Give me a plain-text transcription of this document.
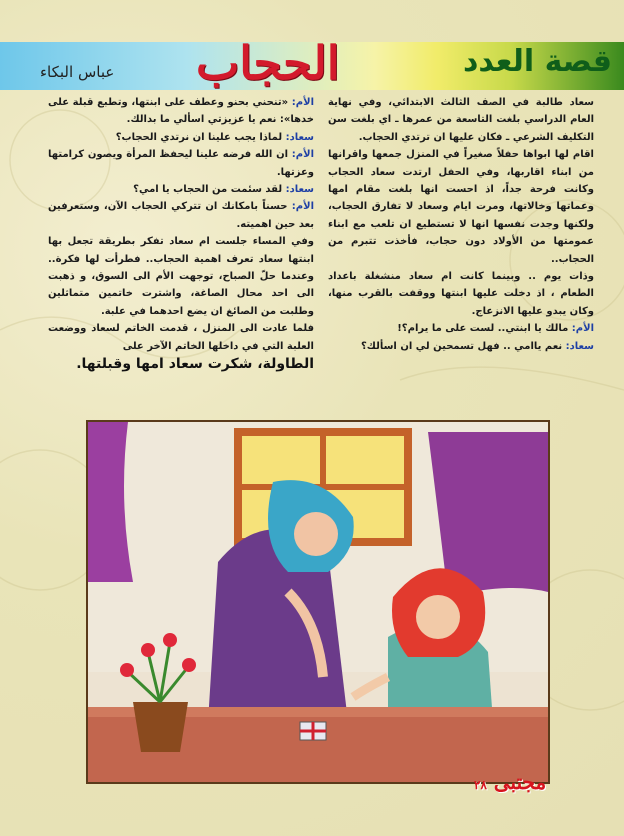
قصة العدد
الحجاب
عباس البكاء

سعاد طالبة في الصف الثالث الابتدائي، وفي نهاية العام الدراسي بلغت التاسعة من عمرها ـ اي بلغت سن التكليف الشرعي ـ فكان عليها ان ترتدي الحجاب.

اقام لها ابواها حفلاً صغيراً في المنزل جمعها واقرانها من ابناء اقاربها، وفي الحفل ارتدت سعاد الحجاب وكانت فرحة جداً، اذ احست انها بلغت مقام امها وعماتها وخالاتها، ومرت ايام وسعاد لا تفارق الحجاب، ولكنها وجدت نفسها انها لا تستطيع ان تلعب مع ابناء عمومتها من الأولاد دون حجاب، فأخذت تتبرم من الحجاب..

وذات يوم .. وبينما كانت ام سعاد منشغلة باعداد الطعام ، اذ دخلت عليها ابنتها ووقفت بالقرب منها، وكان يبدو عليها الانزعاج.

الأم: مالك يا ابنتي.. لست على ما يرام؟!

سعاد: نعم ياامي .. فهل تسمحين لي ان اسألك؟

الأم: «تنحني بحنو وعطف على ابنتها، وتطبع قبلة على خدها»: نعم يا عزيزتي اسألي ما بدالك.

سعاد: لماذا يجب علينا ان نرتدي الحجاب؟

الأم: ان الله فرضه علينا ليحفظ المرأة ويصون كرامتها وعزتها.

سعاد: لقد سئمت من الحجاب يا امي؟

الأم: حسناً بامكانك ان تتركي الحجاب الآن، وستعرفين بعد حين اهميته.

وفي المساء جلست ام سعاد تفكر بطريقة تجعل بها ابنتها سعاد تعرف اهمية الحجاب.. فطرأت لها فكرة.. وعندما حلّ الصباح، توجهت الأم الى السوق، و ذهبت الى احد محال الصاغة، واشترت خاتمين متماثلين وطلبت من الصائغ ان يضع احدهما في علبة.

فلما عادت الى المنزل ، قدمت الخاتم لسعاد ووضعت العلبة التي في داخلها الخاتم الآخر على

الطاولة، شكرت سعاد امها وقبلتها.

مجتبى ٢٨
